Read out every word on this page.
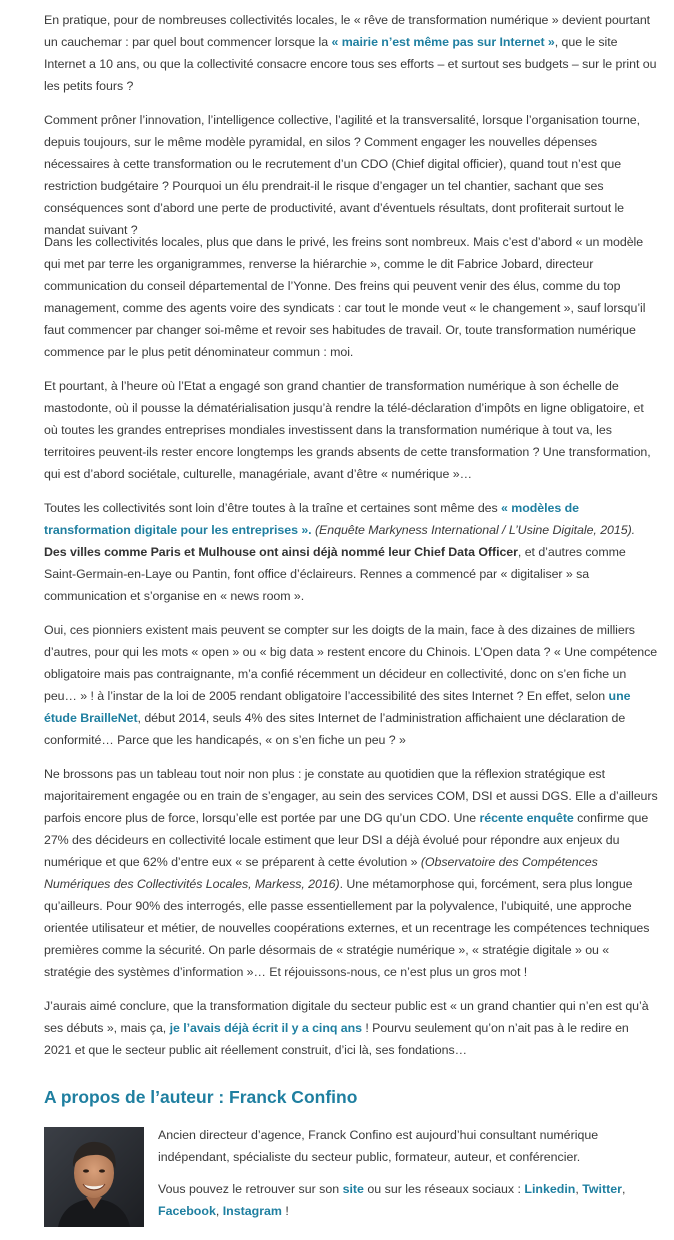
En pratique, pour de nombreuses collectivités locales, le « rêve de transformation numérique » devient pourtant un cauchemar : par quel bout commencer lorsque la « mairie n’est même pas sur Internet », que le site Internet a 10 ans, ou que la collectivité consacre encore tous ses efforts – et surtout ses budgets – sur le print ou les petits fours ?

Comment prôner l’innovation, l’intelligence collective, l’agilité et la transversalité, lorsque l’organisation tourne, depuis toujours, sur le même modèle pyramidal, en silos ? Comment engager les nouvelles dépenses nécessaires à cette transformation ou le recrutement d’un CDO (Chief digital officier), quand tout n’est que restriction budgétaire ? Pourquoi un élu prendrait-il le risque d’engager un tel chantier, sachant que ses conséquences sont d’abord une perte de productivité, avant d’éventuels résultats, dont profiterait surtout le mandat suivant ?

Dans les collectivités locales, plus que dans le privé, les freins sont nombreux. Mais c’est d’abord « un modèle qui met par terre les organigrammes, renverse la hiérarchie », comme le dit Fabrice Jobard, directeur communication du conseil départemental de l’Yonne. Des freins qui peuvent venir des élus, comme du top management, comme des agents voire des syndicats : car tout le monde veut « le changement », sauf lorsqu’il faut commencer par changer soi-même et revoir ses habitudes de travail. Or, toute transformation numérique commence par le plus petit dénominateur commun : moi.

Et pourtant, à l’heure où l’Etat a engagé son grand chantier de transformation numérique à son échelle de mastodonte, où il pousse la dématérialisation jusqu’à rendre la télé-déclaration d’impôts en ligne obligatoire, et où toutes les grandes entreprises mondiales investissent dans la transformation numérique à tout va, les territoires peuvent-ils rester encore longtemps les grands absents de cette transformation ? Une transformation, qui est d’abord sociétale, culturelle, managériale, avant d’être « numérique »…

Toutes les collectivités sont loin d’être toutes à la traîne et certaines sont même des « modèles de transformation digitale pour les entreprises ». (Enquête Markyness International / L’Usine Digitale, 2015). Des villes comme Paris et Mulhouse ont ainsi déjà nommé leur Chief Data Officer, et d’autres comme Saint-Germain-en-Laye ou Pantin, font office d’éclaireurs. Rennes a commencé par « digitaliser » sa communication et s’organise en « news room ».

Oui, ces pionniers existent mais peuvent se compter sur les doigts de la main, face à des dizaines de milliers d’autres, pour qui les mots « open » ou « big data » restent encore du Chinois. L’Open data ? « Une compétence obligatoire mais pas contraignante, m’a confié récemment un décideur en collectivité, donc on s’en fiche un peu… » ! à l’instar de la loi de 2005 rendant obligatoire l’accessibilité des sites Internet ? En effet, selon une étude BrailleNet, début 2014, seuls 4% des sites Internet de l’administration affichaient une déclaration de conformité… Parce que les handicapés, « on s’en fiche un peu ? »

Ne brossons pas un tableau tout noir non plus : je constate au quotidien que la réflexion stratégique est majoritairement engagée ou en train de s’engager, au sein des services COM, DSI et aussi DGS. Elle a d’ailleurs parfois encore plus de force, lorsqu’elle est portée par une DG qu’un CDO. Une récente enquête confirme que 27% des décideurs en collectivité locale estiment que leur DSI a déjà évolué pour répondre aux enjeux du numérique et que 62% d’entre eux « se préparent à cette évolution » (Observatoire des Compétences Numériques des Collectivités Locales, Markess, 2016). Une métamorphose qui, forcément, sera plus longue qu’ailleurs. Pour 90% des interrogés, elle passe essentiellement par la polyvalence, l’ubiquité, une approche orientée utilisateur et métier, de nouvelles coopérations externes, et un recentrage les compétences techniques premières comme la sécurité. On parle désormais de « stratégie numérique », « stratégie digitale » ou « stratégie des systèmes d’information »… Et réjouissons-nous, ce n’est plus un gros mot !

J’aurais aimé conclure, que la transformation digitale du secteur public est « un grand chantier qui n’en est qu’à ses débuts », mais ça, je l’avais déjà écrit il y a cinq ans ! Pourvu seulement qu’on n’ait pas à le redire en 2021 et que le secteur public ait réellement construit, d’ici là, ses fondations…

A propos de l’auteur : Franck Confino

Ancien directeur d’agence, Franck Confino est aujourd’hui consultant numérique indépendant, spécialiste du secteur public, formateur, auteur, et conférencier.

Vous pouvez le retrouver sur son site ou sur les réseaux sociaux : Linkedin, Twitter, Facebook, Instagram !
